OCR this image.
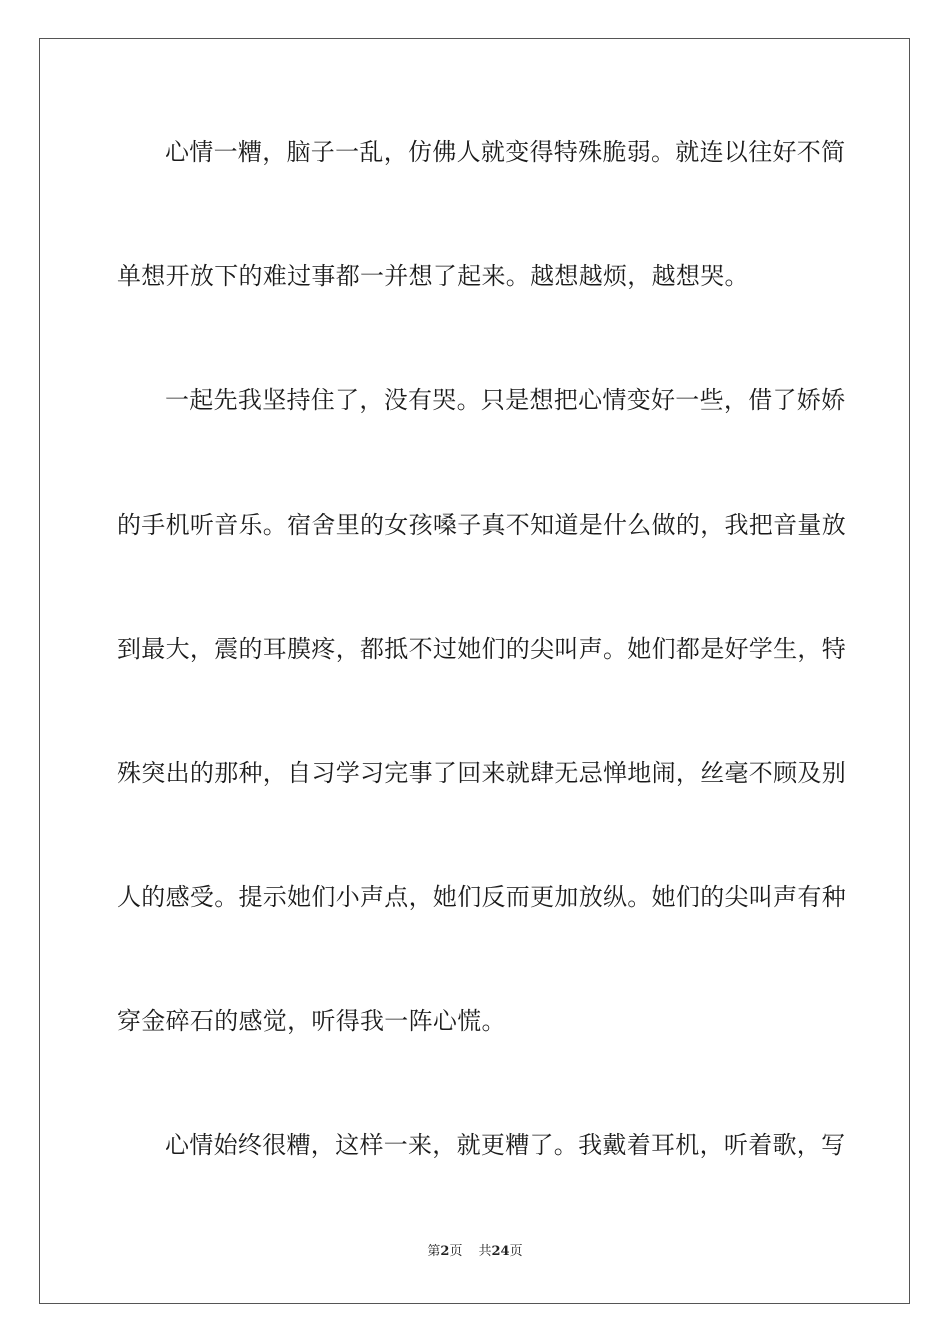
心情一糟，脑子一乱，仿佛人就变得特殊脆弱。就连以往好不简
单想开放下的难过事都一并想了起来。越想越烦，越想哭。
一起先我坚持住了，没有哭。只是想把心情变好一些，借了娇娇
的手机听音乐。宿舍里的女孩嗓子真不知道是什么做的，我把音量放
到最大，震的耳膜疼，都抵不过她们的尖叫声。她们都是好学生，特
殊突出的那种，自习学习完事了回来就肆无忌惮地闹，丝毫不顾及别
人的感受。提示她们小声点，她们反而更加放纵。她们的尖叫声有种
穿金碎石的感觉，听得我一阵心慌。
心情始终很糟，这样一来，就更糟了。我戴着耳机，听着歌，写
第2页 共24页
